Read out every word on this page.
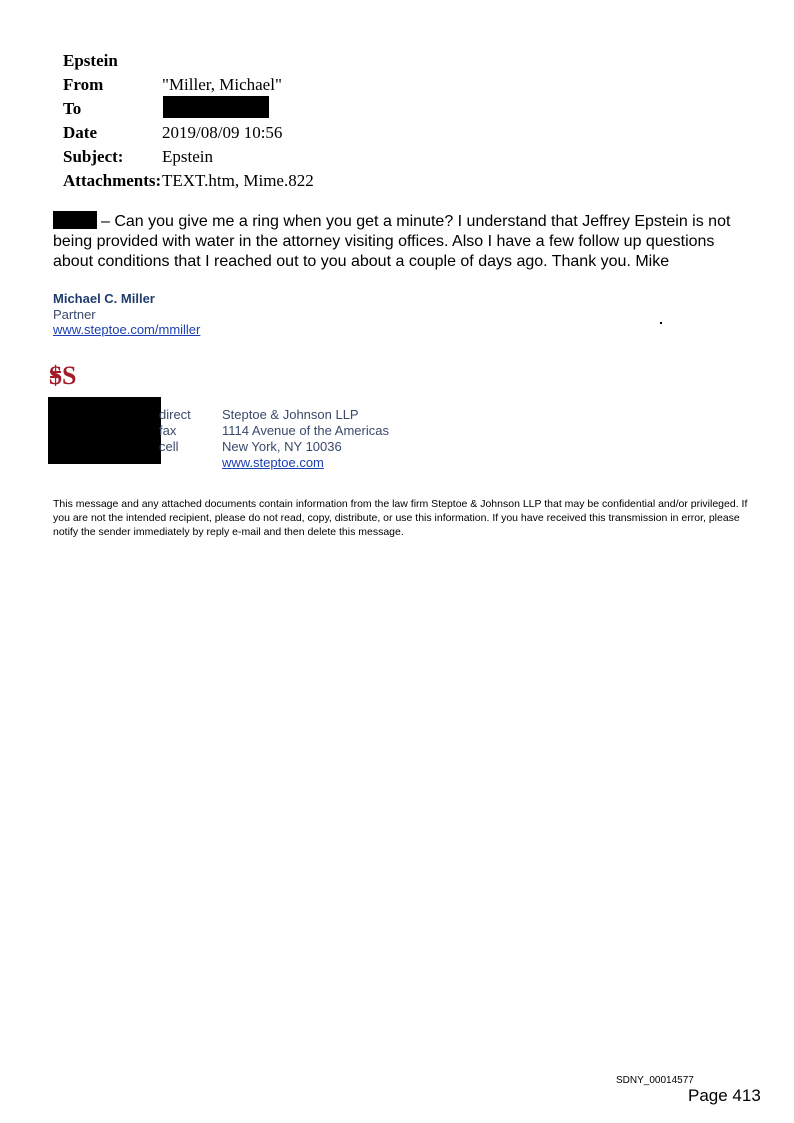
Epstein
From	"Miller, Michael"
To
Date	2019/08/09 10:56
Subject: Epstein
Attachments: TEXT.htm, Mime.822
– Can you give me a ring when you get a minute? I understand that Jeffrey Epstein is not being provided with water in the attorney visiting offices. Also I have a few follow up questions about conditions that I reached out to you about a couple of days ago. Thank you. Mike
Michael C. Miller
Partner
www.steptoe.com/mmiller
$S
direct
fax
cell
Steptoe & Johnson LLP
1114 Avenue of the Americas
New York, NY 10036
www.steptoe.com
This message and any attached documents contain information from the law firm Steptoe & Johnson LLP that may be confidential and/or privileged. If you are not the intended recipient, please do not read, copy, distribute, or use this information. If you have received this transmission in error, please notify the sender immediately by reply e-mail and then delete this message.
SDNY_00014577
Page 413
